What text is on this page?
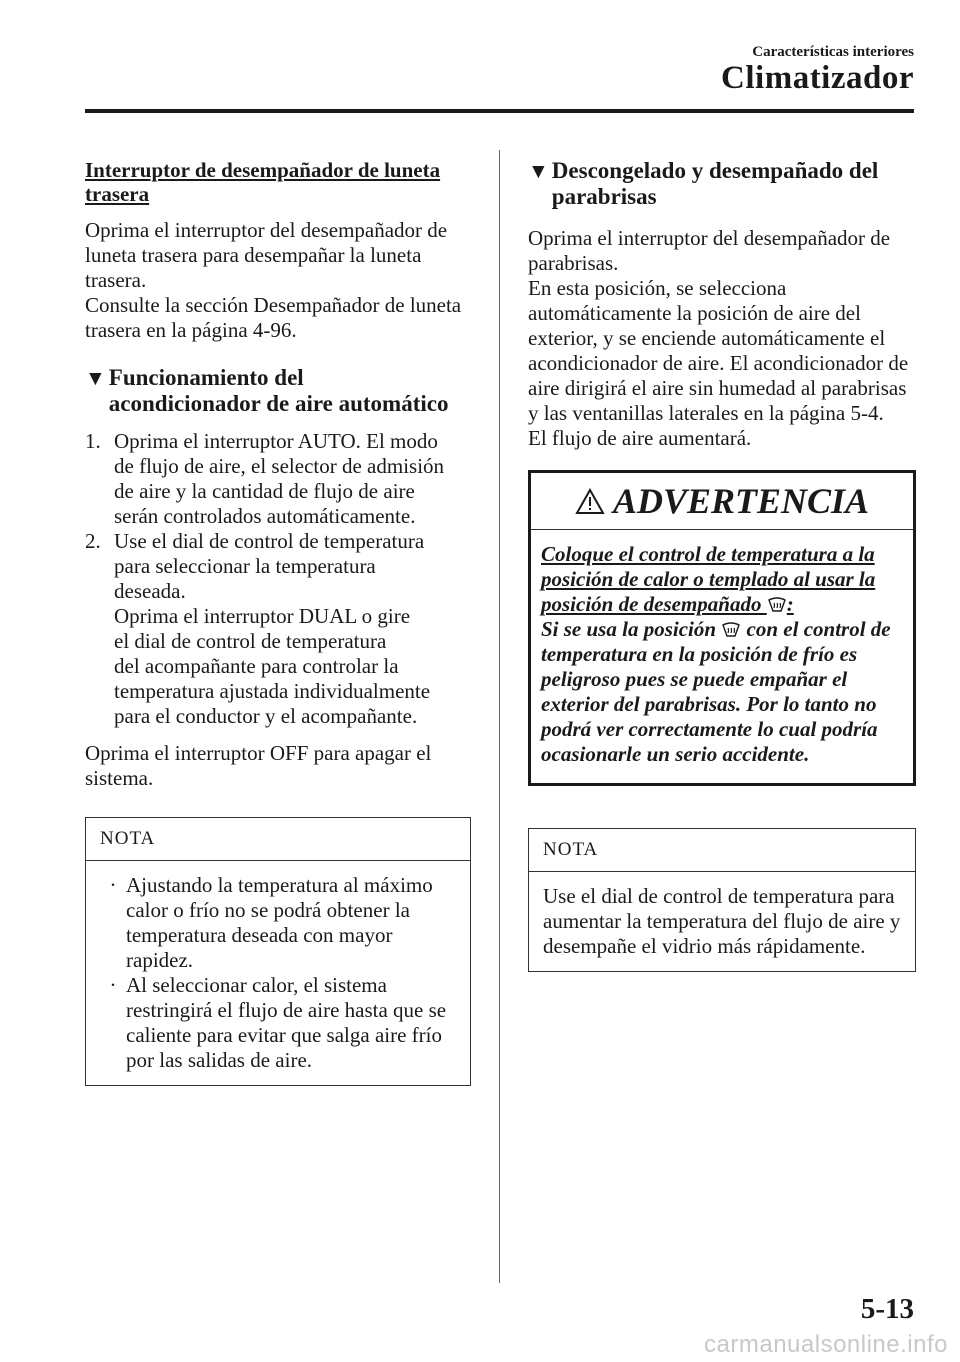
Características interiores
Climatizador
Interruptor de desempañador de luneta trasera

Oprima el interruptor del desempañador de luneta trasera para desempañar la luneta trasera.

Consulte la sección Desempañador de luneta trasera en la página 4-96.

▼ Funcionamiento del
acondicionador de aire automático
1. Oprima el interruptor AUTO. El modo
de flujo de aire, el selector de admisión
de aire y la cantidad de flujo de aire
serán controlados automáticamente.
2. Use el dial de control de temperatura
para seleccionar la temperatura
deseada.
Oprima el interruptor DUAL o gire
el dial de control de temperatura
del acompañante para controlar la
temperatura ajustada individualmente
para el conductor y el acompañante.

Oprima el interruptor OFF para apagar el sistema.

NOTA
· Ajustando la temperatura al máximo calor o frío no se podrá obtener la temperatura deseada con mayor rapidez.
· Al seleccionar calor, el sistema restringirá el flujo de aire hasta que se caliente para evitar que salga aire frío por las salidas de aire.
▼ Descongelado y desempañado del
parabrisas

Oprima el interruptor del desempañador de parabrisas.

En esta posición, se selecciona automáticamente la posición de aire del exterior, y se enciende automáticamente el acondicionador de aire. El acondicionador de aire dirigirá el aire sin humedad al parabrisas y las ventanillas laterales en la página 5-4.

El flujo de aire aumentará.

ADVERTENCIA
Coloque el control de temperatura a la posición de calor o templado al usar la posición de desempañado :
Si se usa la posición con el control de temperatura en la posición de frío es peligroso pues se puede empañar el exterior del parabrisas. Por lo tanto no podrá ver correctamente lo cual podría ocasionarle un serio accidente.
NOTA

Use el dial de control de temperatura para aumentar la temperatura del flujo de aire y desempañe el vidrio más rápidamente.

5-13
carmanualsonline.info
